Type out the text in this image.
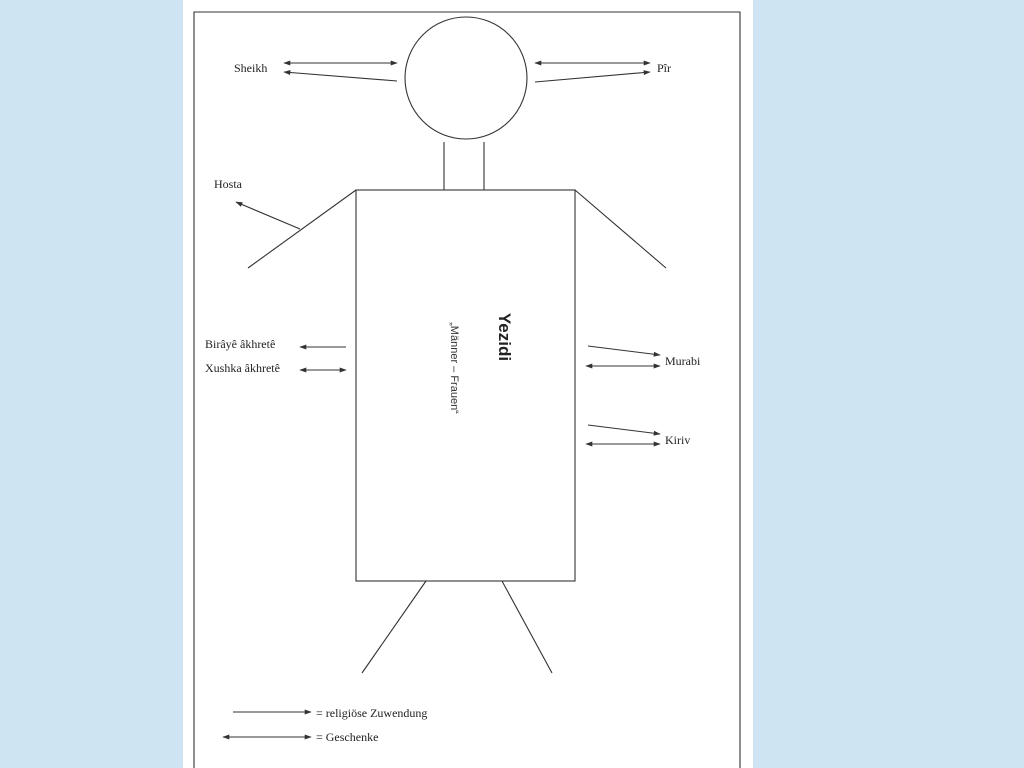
Yezidi
„Männer – Frauen“
Sheikh	Pîr
Hosta
Birâyê âkhretê
Xushka âkhretê	Murabi
Kiriv
= religiöse Zuwendung
= Geschenke
